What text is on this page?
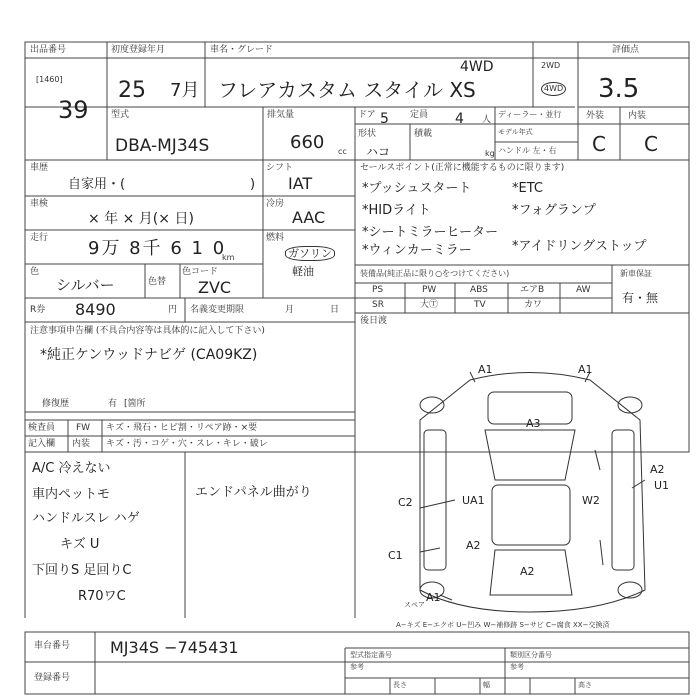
出品番号
[1460]
39
初度登録年月
25 7月
車名・グレード
フレアカスタム スタイル XS
4WD	2WD
4WD
評価点
3.5
型式
DBA-MJ34S
排気量
660 cc
ドア 5 定員 4 人
形状
ハコ
積載
kg
ディーラー・並行
モデル年式
ハンドル 左・右
外装	内装
C C
車歴
自家用・(	)
車検
× 年 × 月(× 日)
走行 9万 8千 6 1 0
km
色
シルバー	色替
色コード
ZVC
R券 8490	円 名義変更期限	月	日
シフト
IAT
冷房
AAC
燃料
ガソリン
軽油
セールスポイント(正常に機能するものに限ります)
*プッシュスタート	*ETC
*HIDライト	*フォグランプ
*シートミラーヒーター
*ウィンカーミラー	*アイドリングストップ
装備品(純正品に限り○をつけてください)	新車保証
有・無
PS	PW	ABS	エアB	AW
SR	大Ⓣ	TV	カワ
後日渡
注意事項申告欄 (不具合内容等は具体的に記入して下さい)
*純正ケンウッドナビゲ (CA09KZ)
修復歴	有 [箇所
検査員
記入欄
FW キズ・飛石・ヒビ割・リペア跡・×要
内装 キズ・汚・コゲ・穴・スレ・キレ・破レ
A/C 冷えない
車内ペットモ
ハンドルスレ ハゲ
キズ U
下回りS 足回りC
R70ワC
エンドパネル曲がり
A1	A1
A3
A2
U1
C2	UA1	W2
A2
C1
A2
A1
スペア
A−キズ E−エクボ U−凹み W−補修跡 S−サビ C−腐食 XX−交換済
車台番号 MJ34S −745431
登録番号
型式指定番号
参考
類別区分番号
参考
長さ	幅	高さ
